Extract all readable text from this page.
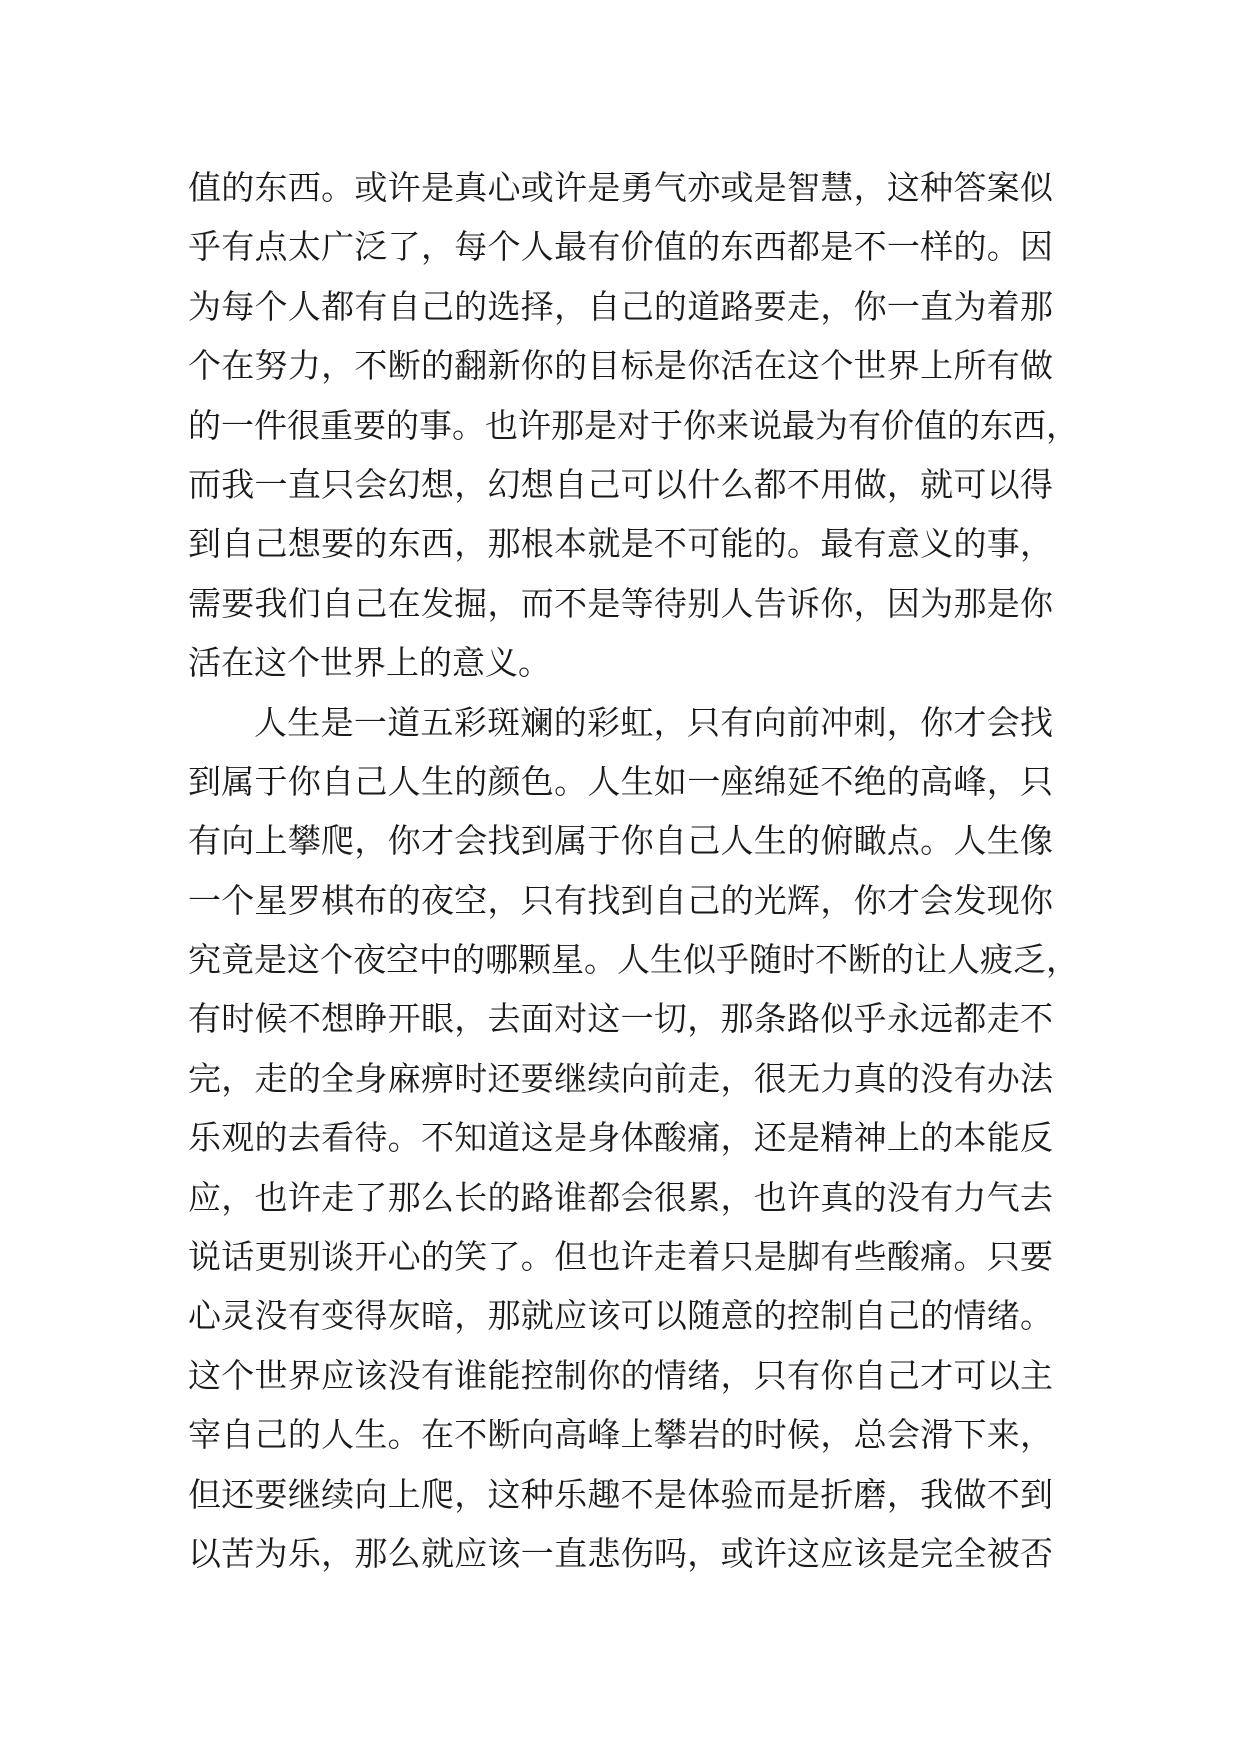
值的东西。或许是真心或许是勇气亦或是智慧，这种答案似
乎有点太广泛了，每个人最有价值的东西都是不一样的。因
为每个人都有自己的选择，自己的道路要走，你一直为着那
个在努力，不断的翻新你的目标是你活在这个世界上所有做
的一件很重要的事。也许那是对于你来说最为有价值的东西，
而我一直只会幻想，幻想自己可以什么都不用做，就可以得
到自己想要的东西，那根本就是不可能的。最有意义的事，
需要我们自己在发掘，而不是等待别人告诉你，因为那是你
活在这个世界上的意义。
人生是一道五彩斑斓的彩虹，只有向前冲刺，你才会找
到属于你自己人生的颜色。人生如一座绵延不绝的高峰，只
有向上攀爬，你才会找到属于你自己人生的俯瞰点。人生像
一个星罗棋布的夜空，只有找到自己的光辉，你才会发现你
究竟是这个夜空中的哪颗星。人生似乎随时不断的让人疲乏，
有时候不想睁开眼，去面对这一切，那条路似乎永远都走不
完，走的全身麻痹时还要继续向前走，很无力真的没有办法
乐观的去看待。不知道这是身体酸痛，还是精神上的本能反
应，也许走了那么长的路谁都会很累，也许真的没有力气去
说话更别谈开心的笑了。但也许走着只是脚有些酸痛。只要
心灵没有变得灰暗，那就应该可以随意的控制自己的情绪。
这个世界应该没有谁能控制你的情绪，只有你自己才可以主
宰自己的人生。在不断向高峰上攀岩的时候，总会滑下来，
但还要继续向上爬，这种乐趣不是体验而是折磨，我做不到
以苦为乐，那么就应该一直悲伤吗，或许这应该是完全被否
